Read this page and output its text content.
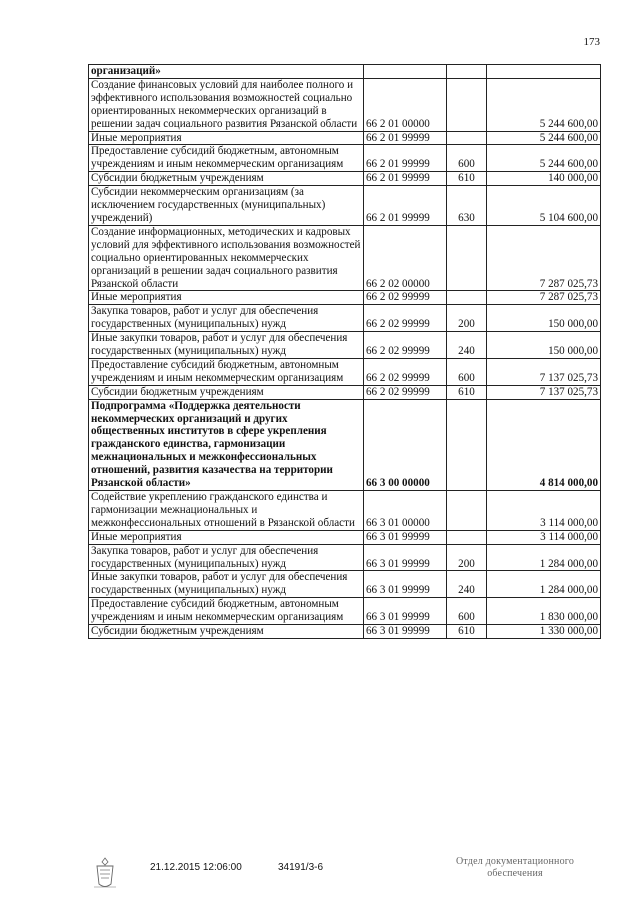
173
организаций»			
Создание финансовых условий для наиболее полного и эффективного использования возможностей социально ориентированных некоммерческих организаций в решении задач социального развития Рязанской области	66 2 01 00000		5 244 600,00
Иные мероприятия	66 2 01 99999		5 244 600,00
Предоставление субсидий бюджетным, автономным учреждениям и иным некоммерческим организациям	66 2 01 99999	600	5 244 600,00
Субсидии бюджетным учреждениям	66 2 01 99999	610	140 000,00
Субсидии некоммерческим организациям (за исключением государственных (муниципальных) учреждений)	66 2 01 99999	630	5 104 600,00
Создание информационных, методических и кадровых условий для эффективного использования возможностей социально ориентированных некоммерческих организаций в решении задач социального развития Рязанской области	66 2 02 00000		7 287 025,73
Иные мероприятия	66 2 02 99999		7 287 025,73
Закупка товаров, работ и услуг для обеспечения государственных (муниципальных) нужд	66 2 02 99999	200	150 000,00
Иные закупки товаров, работ и услуг для обеспечения государственных (муниципальных) нужд	66 2 02 99999	240	150 000,00
Предоставление субсидий бюджетным, автономным учреждениям и иным некоммерческим организациям	66 2 02 99999	600	7 137 025,73
Субсидии бюджетным учреждениям	66 2 02 99999	610	7 137 025,73
Подпрограмма «Поддержка деятельности некоммерческих организаций и других общественных институтов в сфере укрепления гражданского единства, гармонизации межнациональных и межконфессиональных отношений, развития казачества на территории Рязанской области»	66 3 00 00000		4 814 000,00
Содействие укреплению гражданского единства и гармонизации межнациональных и межконфессиональных отношений в Рязанской области	66 3 01 00000		3 114 000,00
Иные мероприятия	66 3 01 99999		3 114 000,00
Закупка товаров, работ и услуг для обеспечения государственных (муниципальных) нужд	66 3 01 99999	200	1 284 000,00
Иные закупки товаров, работ и услуг для обеспечения государственных (муниципальных) нужд	66 3 01 99999	240	1 284 000,00
Предоставление субсидий бюджетным, автономным учреждениям и иным некоммерческим организациям	66 3 01 99999	600	1 830 000,00
Субсидии бюджетным учреждениям	66 3 01 99999	610	1 330 000,00
21.12.2015 12:06:00	34191/3-6
Отдел документационного
обеспечения
